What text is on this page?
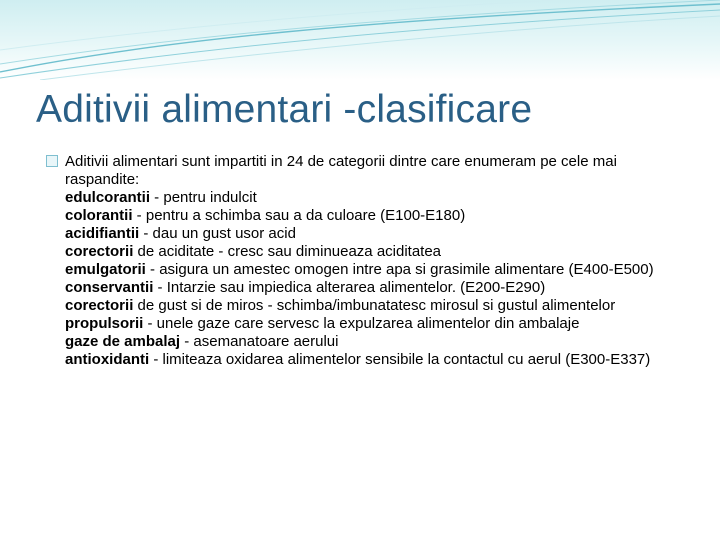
Aditivii alimentari -clasificare
Aditivii alimentari sunt impartiti in 24 de categorii dintre care enumeram pe cele mai raspandite:
edulcorantii - pentru indulcit
colorantii - pentru a schimba sau a da culoare (E100-E180)
acidifiantii - dau un gust usor acid
corectorii de aciditate - cresc sau diminueaza aciditatea
emulgatorii - asigura un amestec omogen intre apa si grasimile alimentare (E400-E500)
conservantii - Intarzie sau impiedica alterarea alimentelor. (E200-E290)
corectorii de gust si de miros - schimba/imbunatatesc mirosul si gustul alimentelor
propulsorii - unele gaze care servesc la expulzarea alimentelor din ambalaje
gaze de ambalaj - asemanatoare aerului
antioxidanti - limiteaza oxidarea alimentelor sensibile la contactul cu aerul (E300-E337)
